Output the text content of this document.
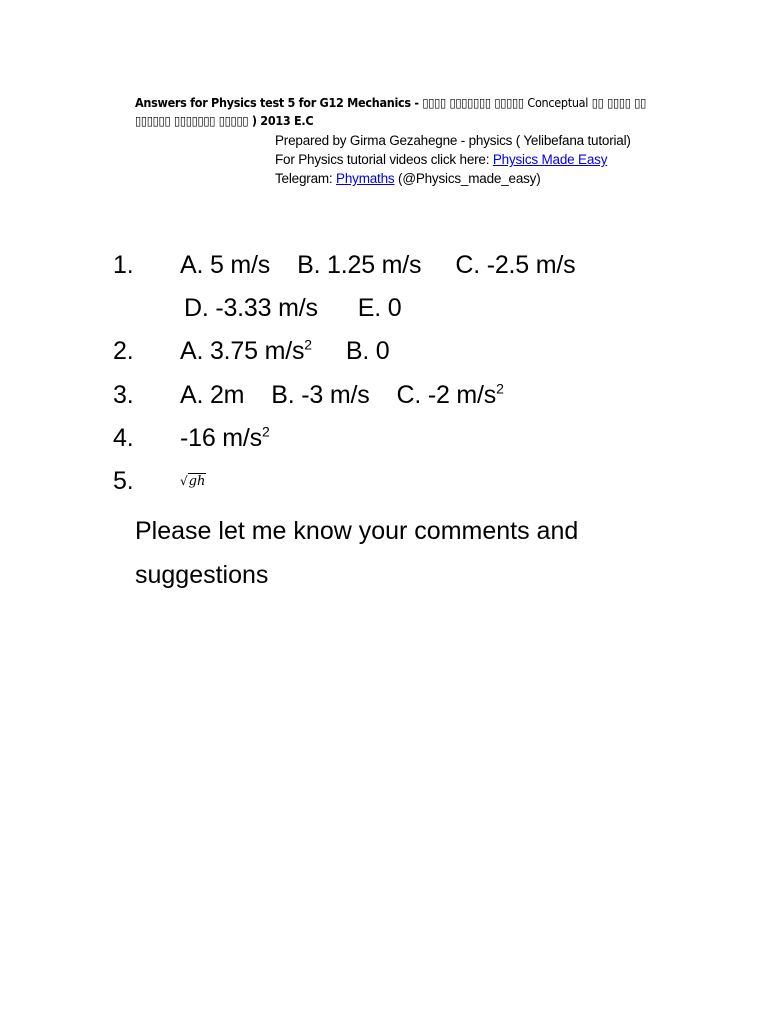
Answers for Physics test 5 for G12 Mechanics - ▯▯▯▯ ▯▯▯▯▯▯▯ ▯▯▯▯▯ Conceptual ▯▯ ▯▯▯▯ ▯▯ ▯▯▯▯▯▯ ▯▯▯▯▯▯▯ ▯▯▯▯▯ ) 2013 E.C
Prepared by Girma Gezahegne - physics ( Yelibefana tutorial)
For Physics tutorial videos click here: Physics Made Easy
Telegram: Phymaths (@Physics_made_easy)
1. A. 5 m/s B. 1.25 m/s C. -2.5 m/s
D. -3.33 m/s E. 0
2. A. 3.75 $m/s^2$ B. 0
3. A. 2m B. -3 m/s C. -2 $m/s^2$
4. -16 $m/s^2$
5.	√gh
Please let me know your comments and suggestions
